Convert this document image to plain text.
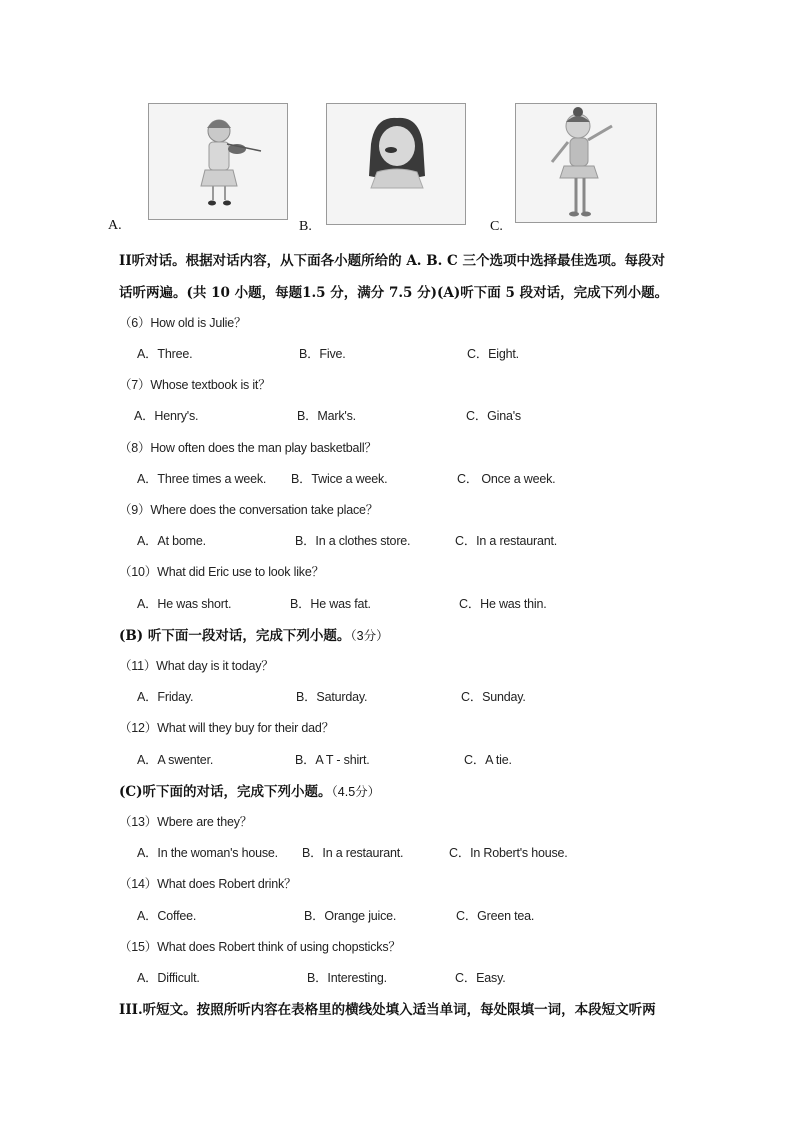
A.	B.	C.
II听对话。根据对话内容，从下面各小题所给的 A. B. C 三个选项中选择最佳选项。每段对
话听两遍。(共 10 小题，每题1.5 分，满分 7.5 分)(A)听下面 5 段对话，完成下列小题。
（6）How old is Julie？
A．Three.	B．Five.	C．Eight.
（7）Whose textbook is it？
A．Henry's.	B．Mark's.	C．Gina's
（8）How often does the man play basketball？
A．Three times a week. B．Twice a week.	C． Once a week.
（9）Where does the conversation take place？
A．At bome.	B．In a clothes store.	C．In a restaurant.
（10）What did Eric use to look like？
A．He was short.	B．He was fat.	C．He was thin.
(B) 听下面一段对话，完成下列小题。（3分）
（11）What day is it today？
A．Friday.	B．Saturday.	C．Sunday.
（12）What will they buy for their dad？
A．A swenter.	B．A T - shirt.	C．A tie.
(C)听下面的对话，完成下列小题。（4.5分）
（13）Wbere are they？
A．In the woman's house. B．In a restaurant.	C．In Robert's house.
（14）What does Robert drink？
A．Coffee.	B．Orange juice.	C．Green tea.
（15）What does Robert think of using chopsticks？
A．Difficult.	B．Interesting.	C．Easy.
III.听短文。按照所听内容在表格里的横线处填入适当单词，每处限填一词，本段短文听两
